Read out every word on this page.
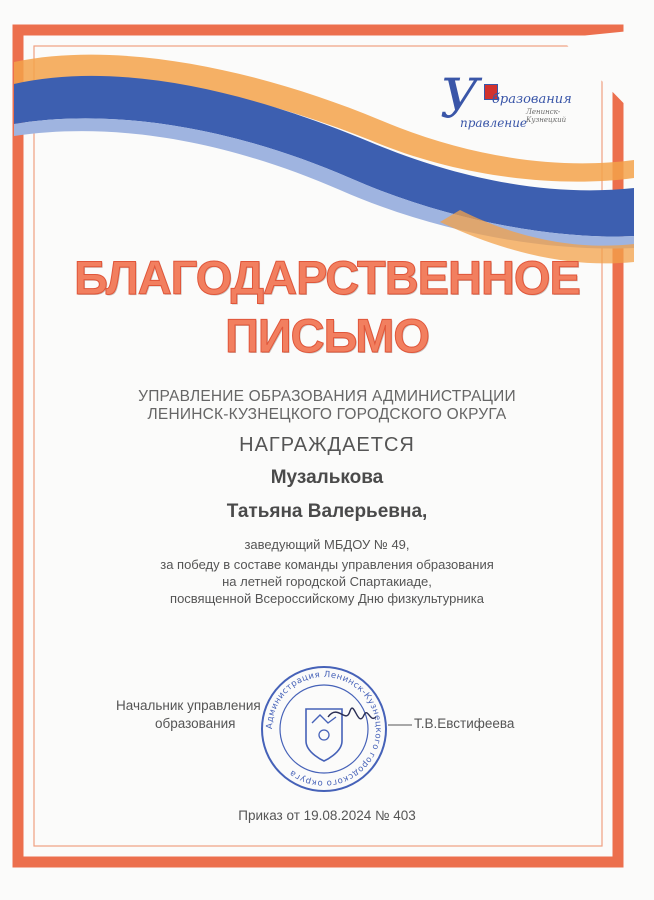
У бразования
Ленинск-Кузнецкий
правление
БЛАГОДАРСТВЕННОЕ
ПИСЬМО
УПРАВЛЕНИЕ ОБРАЗОВАНИЯ АДМИНИСТРАЦИИ
ЛЕНИНСК-КУЗНЕЦКОГО ГОРОДСКОГО ОКРУГА
НАГРАЖДАЕТСЯ
Музалькова
Татьяна Валерьевна,
заведующий МБДОУ № 49,
за победу в составе команды управления образования
на летней городской Спартакиаде,
посвященной Всероссийскому Дню физкультурника
Начальник управления
образования	Т.В.Евстифеева
Администрация Ленинск-Кузнецкого городского округа
Приказ от 19.08.2024 № 403
